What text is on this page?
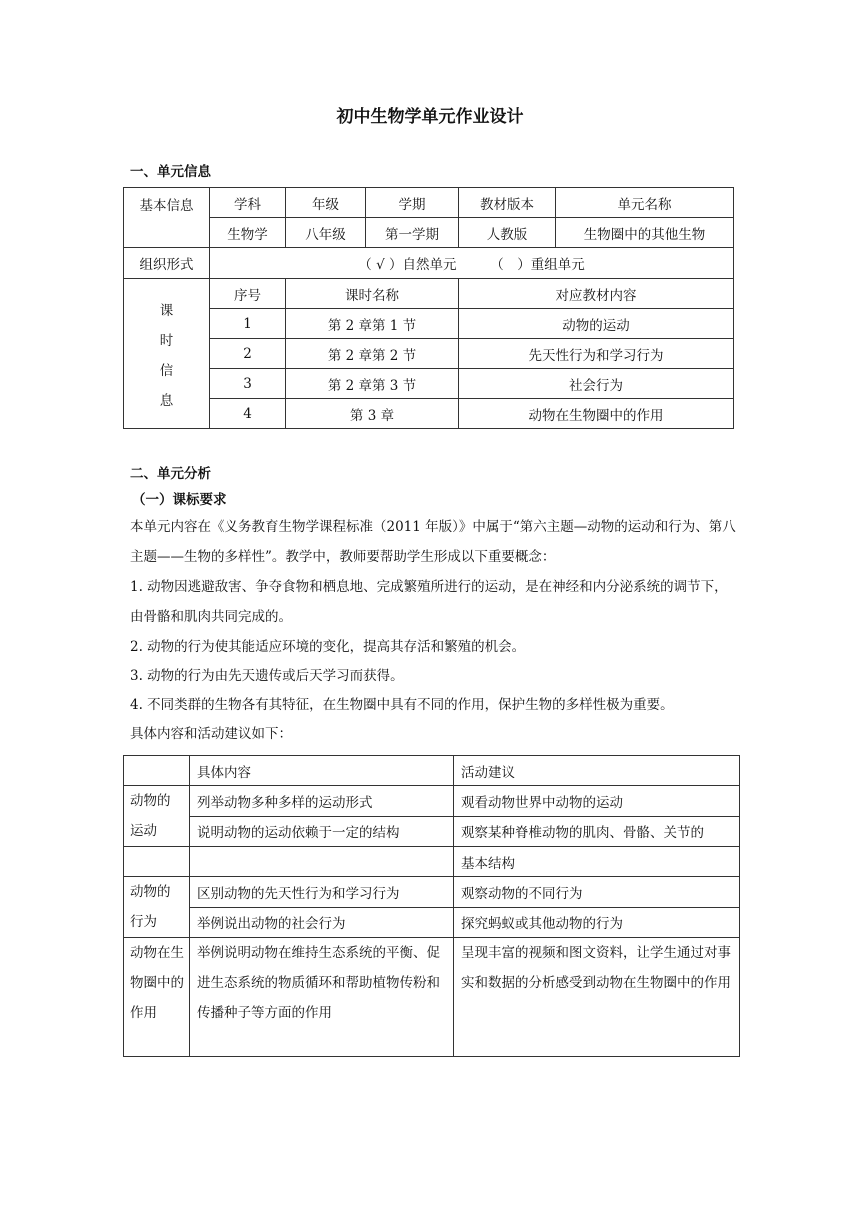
初中生物学单元作业设计
一、单元信息
基本信息	学科	年级	学期	教材版本	单元名称
	生物学	八年级	第一学期	人教版	生物圈中的其他生物
组织形式	（ √ ）自然单元　　　（　）重组单元				

课
时
信
息	序号	课时名称		对应教材内容	
	1	第 2 章第 1 节		动物的运动	
	2	第 2 章第 2 节		先天性行为和学习行为	
	3	第 2 章第 3 节		社会行为	
	4	第 3 章		动物在生物圈中的作用	
二、单元分析
（一）课标要求
本单元内容在《义务教育生物学课程标准（2011 年版）》中属于“第六主题—动物的运动和行为、第八主题——生物的多样性”。教学中，教师要帮助学生形成以下重要概念：
1. 动物因逃避敌害、争夺食物和栖息地、完成繁殖所进行的运动，是在神经和内分泌系统的调节下，由骨骼和肌肉共同完成的。
2. 动物的行为使其能适应环境的变化，提高其存活和繁殖的机会。
3. 动物的行为由先天遗传或后天学习而获得。
4. 不同类群的生物各有其特征，在生物圈中具有不同的作用，保护生物的多样性极为重要。
具体内容和活动建议如下：
	具体内容	活动建议

动物的
运动	列举动物多种多样的运动形式	观看动物世界中动物的运动
	说明动物的运动依赖于一定的结构	观察某种脊椎动物的肌肉、骨骼、关节的
		基本结构

动物的
行为	区别动物的先天性行为和学习行为	观察动物的不同行为
	举例说出动物的社会行为	探究蚂蚁或其他动物的行为
动物在生物圈中的作用	举例说明动物在维持生态系统的平衡、促进生态系统的物质循环和帮助植物传粉和传播种子等方面的作用	呈现丰富的视频和图文资料，让学生通过对事实和数据的分析感受到动物在生物圈中的作用
